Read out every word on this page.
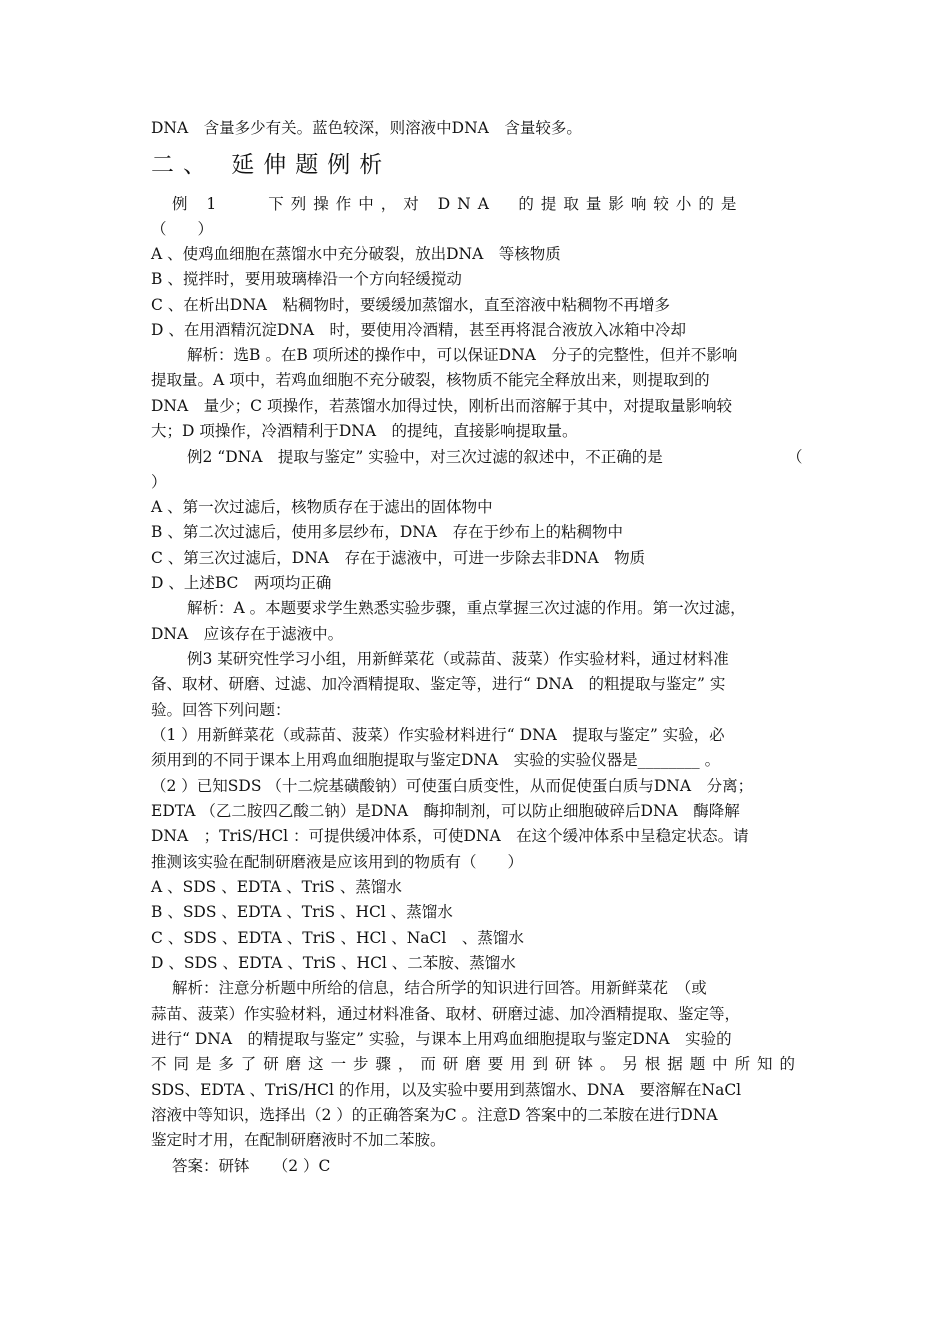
DNA　含量多少有关。蓝色较深，则溶液中DNA　含量较多。
二、 延伸题例析
例 1　　下列操作中，对 DNA　的提取量影响较小的是
（　　）
A 、使鸡血细胞在蒸馏水中充分破裂，放出DNA　等核物质
B 、搅拌时，要用玻璃棒沿一个方向轻缓搅动
C 、在析出DNA　粘稠物时，要缓缓加蒸馏水，直至溶液中粘稠物不再增多
D 、在用酒精沉淀DNA　时，要使用冷酒精，甚至再将混合液放入冰箱中冷却
解析：选B 。在B 项所述的操作中，可以保证DNA　分子的完整性，但并不影响
提取量。A 项中，若鸡血细胞不充分破裂，核物质不能完全释放出来，则提取到的
DNA　量少；C 项操作，若蒸馏水加得过快，刚析出而溶解于其中，对提取量影响较
大；D 项操作，冷酒精利于DNA　的提纯，直接影响提取量。
例2 “DNA　提取与鉴定” 实验中，对三次过滤的叙述中，不正确的是	（
）
A 、第一次过滤后，核物质存在于滤出的固体物中
B 、第二次过滤后，使用多层纱布，DNA　存在于纱布上的粘稠物中
C 、第三次过滤后，DNA　存在于滤液中，可进一步除去非DNA　物质
D 、上述BC　两项均正确
解析：A 。本题要求学生熟悉实验步骤，重点掌握三次过滤的作用。第一次过滤，
DNA　应该存在于滤液中。
例3 某研究性学习小组，用新鲜菜花（或蒜苗、菠菜）作实验材料，通过材料准
备、取材、研磨、过滤、加冷酒精提取、鉴定等，进行“ DNA　的粗提取与鉴定” 实
验。回答下列问题：
（1 ）用新鲜菜花（或蒜苗、菠菜）作实验材料进行“ DNA　提取与鉴定” 实验，必
须用到的不同于课本上用鸡血细胞提取与鉴定DNA　实验的实验仪器是________ 。
（2 ）已知SDS （十二烷基磺酸钠）可使蛋白质变性，从而促使蛋白质与DNA　分离；
EDTA （乙二胺四乙酸二钠）是DNA　酶抑制剂，可以防止细胞破碎后DNA　酶降解
DNA　；TriS/HCl ：可提供缓冲体系，可使DNA　在这个缓冲体系中呈稳定状态。请
推测该实验在配制研磨液是应该用到的物质有（　　）
A 、SDS 、EDTA 、TriS 、蒸馏水
B 、SDS 、EDTA 、TriS 、HCl 、蒸馏水
C 、SDS 、EDTA 、TriS 、HCl 、NaCl　、蒸馏水
D 、SDS 、EDTA 、TriS 、HCl 、二苯胺、蒸馏水
解析：注意分析题中所给的信息，结合所学的知识进行回答。用新鲜菜花　（或
蒜苗、菠菜）作实验材料，通过材料准备、取材、研磨过滤、加冷酒精提取、鉴定等，
进行“ DNA　的精提取与鉴定” 实验，与课本上用鸡血细胞提取与鉴定DNA　实验的
不同是多了研磨这一步骤，而研磨要用到研钵。另根据题中所知的
SDS、EDTA 、TriS/HCl 的作用，以及实验中要用到蒸馏水、DNA　要溶解在NaCl
溶液中等知识，选择出（2 ）的正确答案为C 。注意D 答案中的二苯胺在进行DNA
鉴定时才用，在配制研磨液时不加二苯胺。
答案：研钵　　（2 ）C
